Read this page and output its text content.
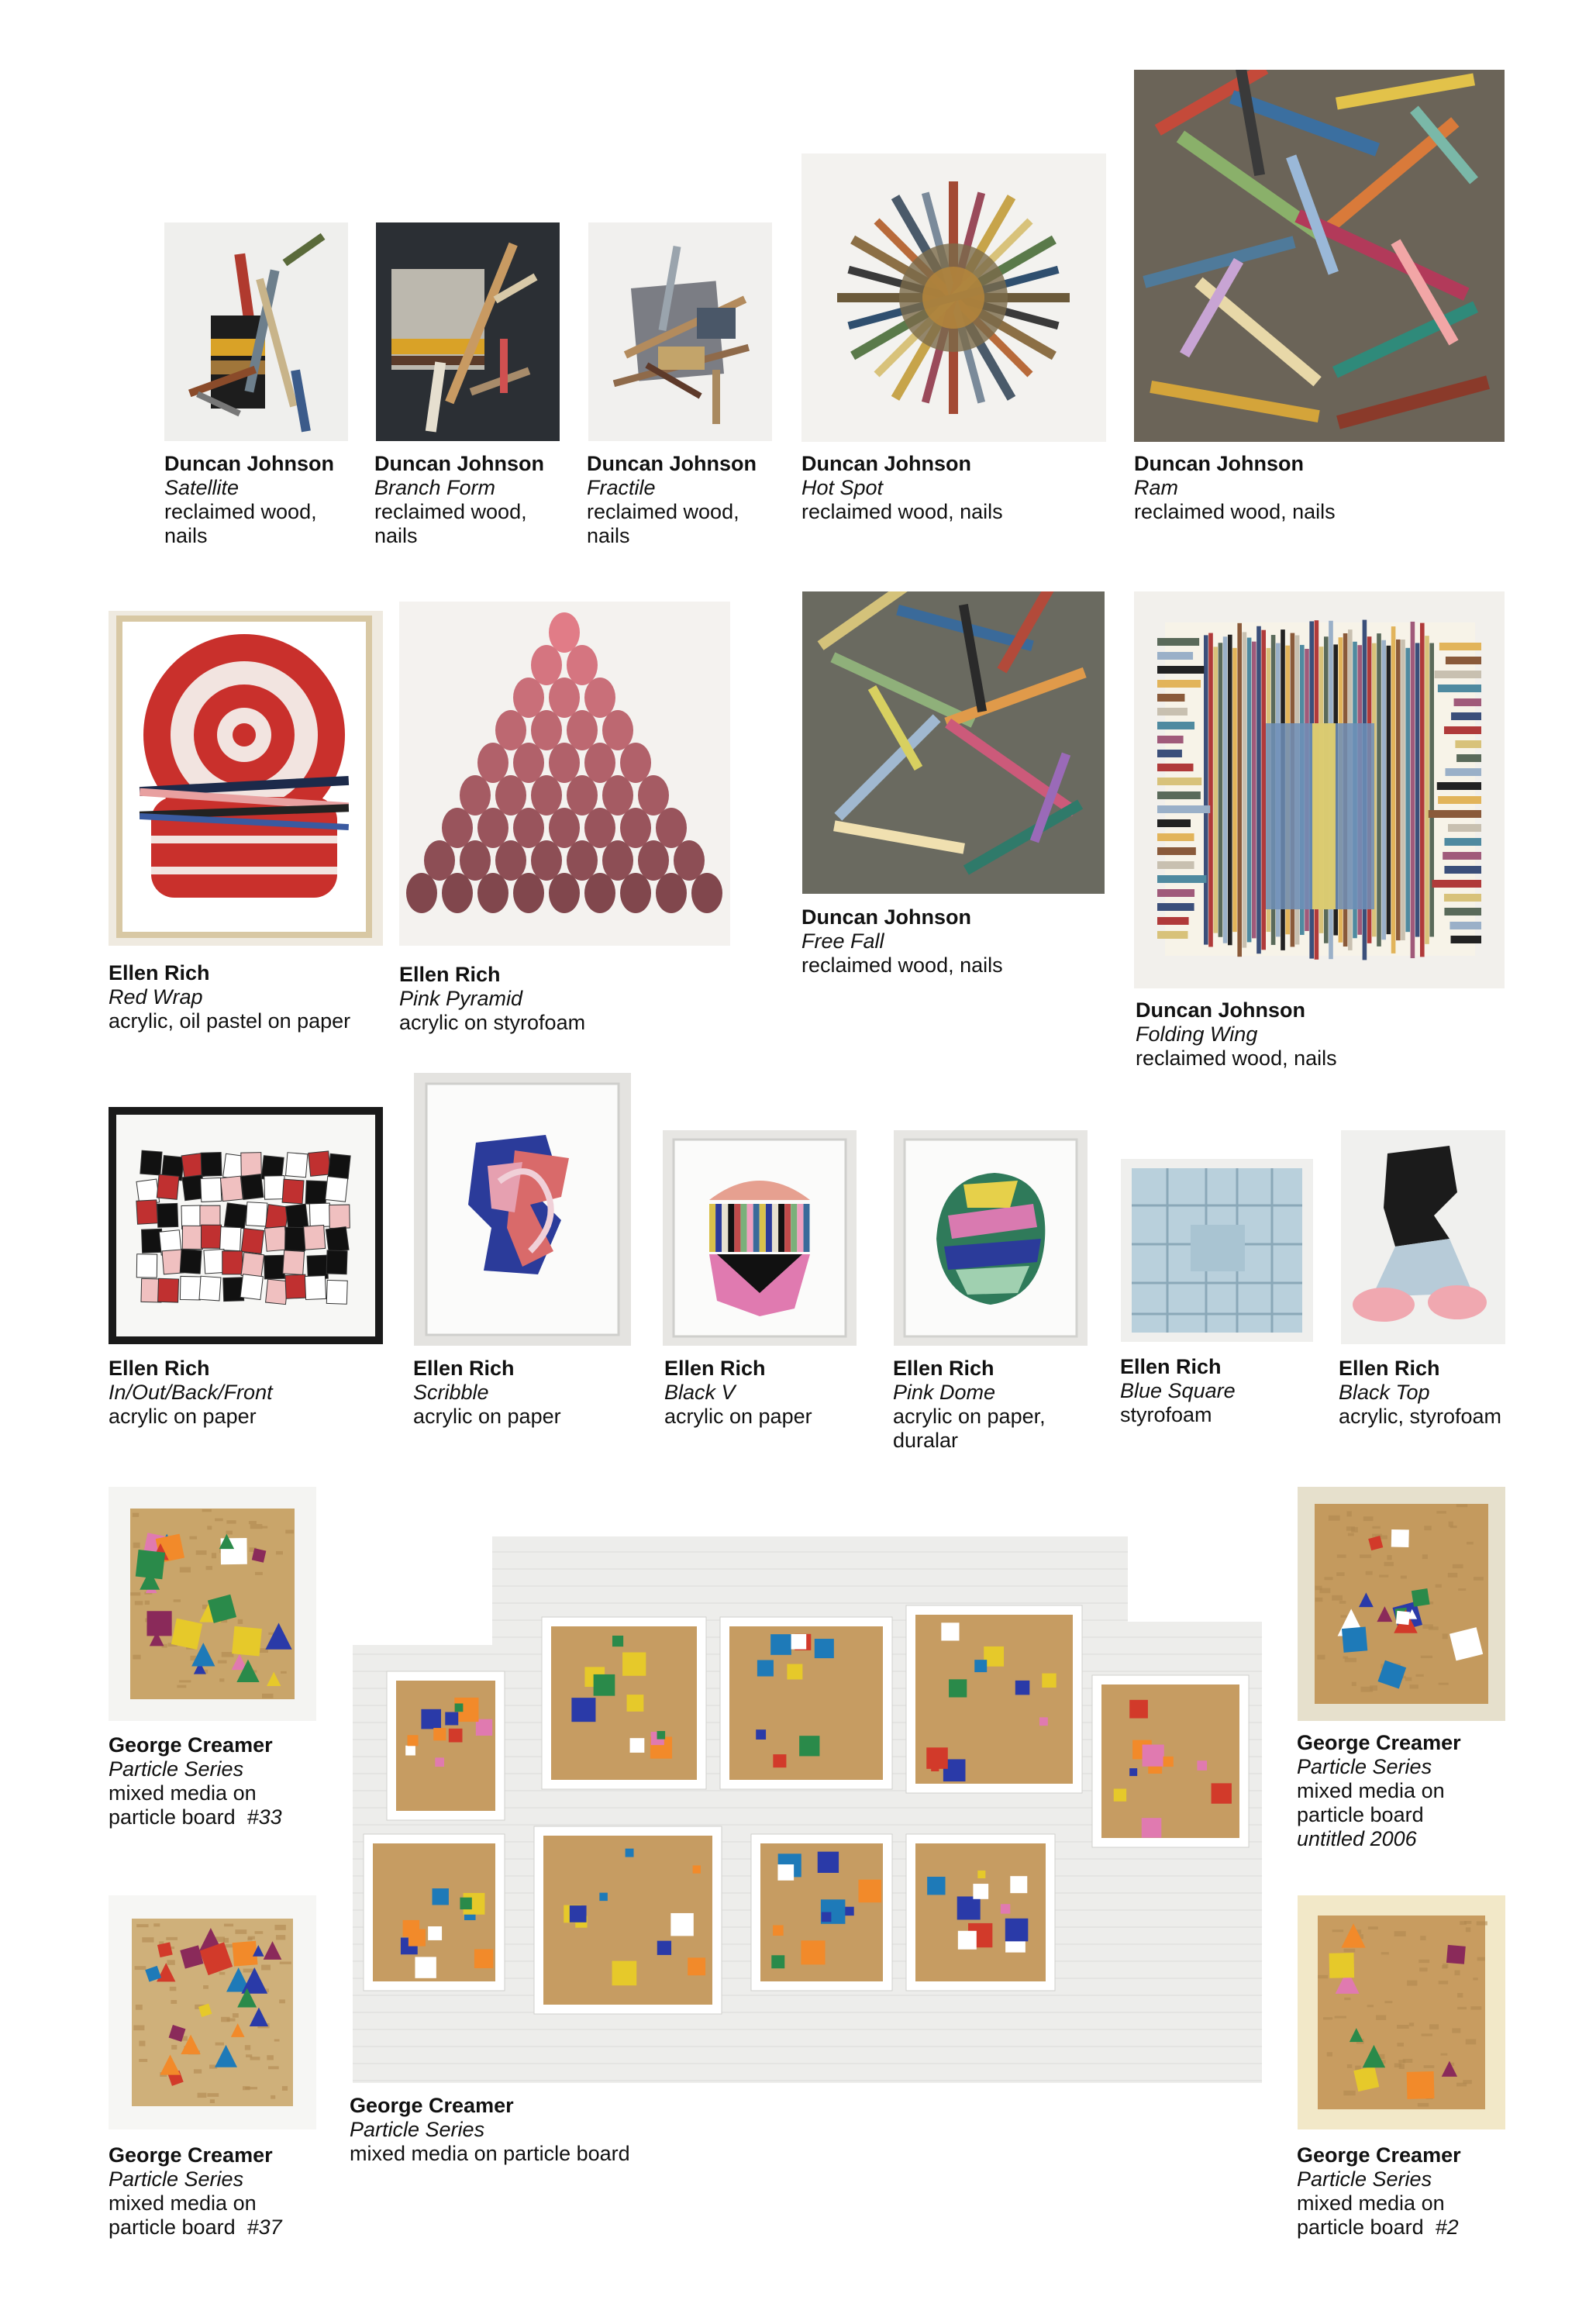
Duncan Johnson
Satellite
reclaimed wood,
nails
Duncan Johnson
Branch Form
reclaimed wood,
nails
Duncan Johnson
Fractile
reclaimed wood,
nails
Duncan Johnson
Hot Spot
reclaimed wood, nails
Duncan Johnson
Ram
reclaimed wood, nails
Ellen Rich
Red Wrap
acrylic, oil pastel on paper
Ellen Rich
Pink Pyramid
acrylic on styrofoam
Duncan Johnson
Free Fall
reclaimed wood, nails
Duncan Johnson
Folding Wing
reclaimed wood, nails
Ellen Rich
In/Out/Back/Front
acrylic on paper
Ellen Rich
Scribble
acrylic on paper
Ellen Rich
Black V
acrylic on paper
Ellen Rich
Pink Dome
acrylic on paper,
duralar
Ellen Rich
Blue Square
styrofoam
Ellen Rich
Black Top
acrylic, styrofoam
George Creamer
Particle Series
mixed media on
particle board #33
George Creamer
Particle Series
mixed media on particle board
George Creamer
Particle Series
mixed media on
particle board
untitled 2006
George Creamer
Particle Series
mixed media on
particle board #37
George Creamer
Particle Series
mixed media on
particle board #2
